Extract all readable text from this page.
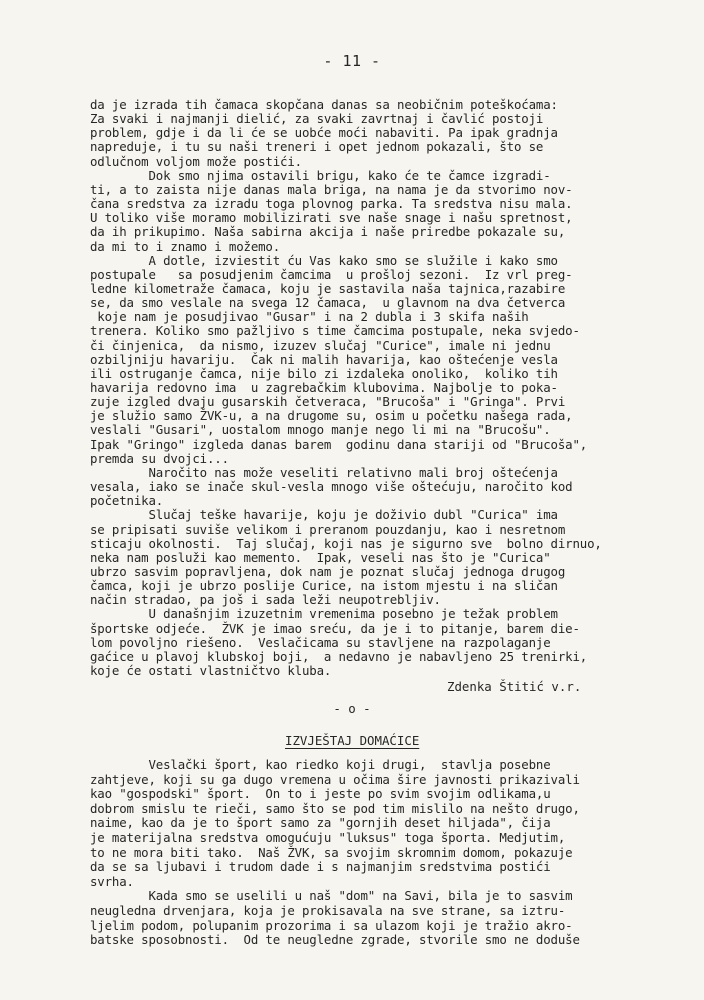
- 11 -
da je izrada tih čamaca skopčana danas sa neobičnim poteškoćama:
Za svaki i najmanji dielić, za svaki zavrtnaj i čavlić postoji
problem, gdje i da li će se uobće moći nabaviti. Pa ipak gradnja
napreduje, i tu su naši treneri i opet jednom pokazali, što se
odlučnom voljom može postići.
Dok smo njima ostavili brigu, kako će te čamce izgradi-
ti, a to zaista nije danas mala briga, na nama je da stvorimo nov-
čana sredstva za izradu toga plovnog parka. Ta sredstva nisu mala.
U toliko više moramo mobilizirati sve naše snage i našu spretnost,
da ih prikupimo. Naša sabirna akcija i naše priredbe pokazale su,
da mi to i znamo i možemo.
A dotle, izviestit ću Vas kako smo se služile i kako smo
postupale   sa posudjenim čamcima  u prošloj sezoni.  Iz vrl preg-
ledne kilometraže čamaca, koju je sastavila naša tajnica,razabire
se, da smo veslale na svega 12 čamaca,  u glavnom na dva četverca
koje nam je posudjivao "Gusar" i na 2 dubla i 3 skifa naših
trenera. Koliko smo pažljivo s time čamcima postupale, neka svjedo-
či činjenica,  da nismo, izuzev slučaj "Curice", imale ni jednu
ozbiljniju havariju.  Čak ni malih havarija, kao oštećenje vesla
ili ostruganje čamca, nije bilo zi izdaleka onoliko,  koliko tih
havarija redovno ima  u zagrebačkim klubovima. Najbolje to poka-
zuje izgled dvaju gusarskih četveraca, "Brucoša" i "Gringa". Prvi
je služio samo ŽVK-u, a na drugome su, osim u početku našega rada,
veslali "Gusari", uostalom mnogo manje nego li mi na "Brucošu".
Ipak "Gringo" izgleda danas barem  godinu dana stariji od "Brucoša",
premda su dvojci...
Naročito nas može veseliti relativno mali broj oštećenja
vesala, iako se inače skul-vesla mnogo više oštećuju, naročito kod
početnika.
Slučaj teške havarije, koju je doživio dubl "Curica" ima
se pripisati suviše velikom i preranom pouzdanju, kao i nesretnom
sticaju okolnosti.  Taj slučaj, koji nas je sigurno sve  bolno dirnuo,
neka nam posluži kao memento.  Ipak, veseli nas što je "Curica"
ubrzo sasvim popravljena, dok nam je poznat slučaj jednoga drugog
čamca, koji je ubrzo poslije Curice, na istom mjestu i na sličan
način stradao, pa još i sada leži neupotrebljiv.
U današnjim izuzetnim vremenima posebno je težak problem
športske odjeće.  ŽVK je imao sreću, da je i to pitanje, barem die-
lom povoljno riešeno.  Veslačicama su stavljene na razpolaganje
gaćice u plavoj klubskoj boji,  a nedavno je nabavljeno 25 trenirki,
koje će ostati vlastničtvo kluba.
Zdenka Štitić v.r.
- o -
IZVJEŠTAJ DOMAĆICE
Veslački šport, kao riedko koji drugi,  stavlja posebne
zahtjeve, koji su ga dugo vremena u očima šire javnosti prikazivali
kao "gospodski" šport.  On to i jeste po svim svojim odlikama,u
dobrom smislu te rieči, samo što se pod tim mislilo na nešto drugo,
naime, kao da je to šport samo za "gornjih deset hiljada", čija
je materijalna sredstva omogućuju "luksus" toga športa. Medjutim,
to ne mora biti tako.  Naš ŽVK, sa svojim skromnim domom, pokazuje
da se sa ljubavi i trudom dade i s najmanjim sredstvima postići
svrha.
Kada smo se uselili u naš "dom" na Savi, bila je to sasvim
neugledna drvenjara, koja je prokisavala na sve strane, sa iztru-
ljelim podom, polupanim prozorima i sa ulazom koji je tražio akro-
batske sposobnosti.  Od te neugledne zgrade, stvorile smo ne doduše
